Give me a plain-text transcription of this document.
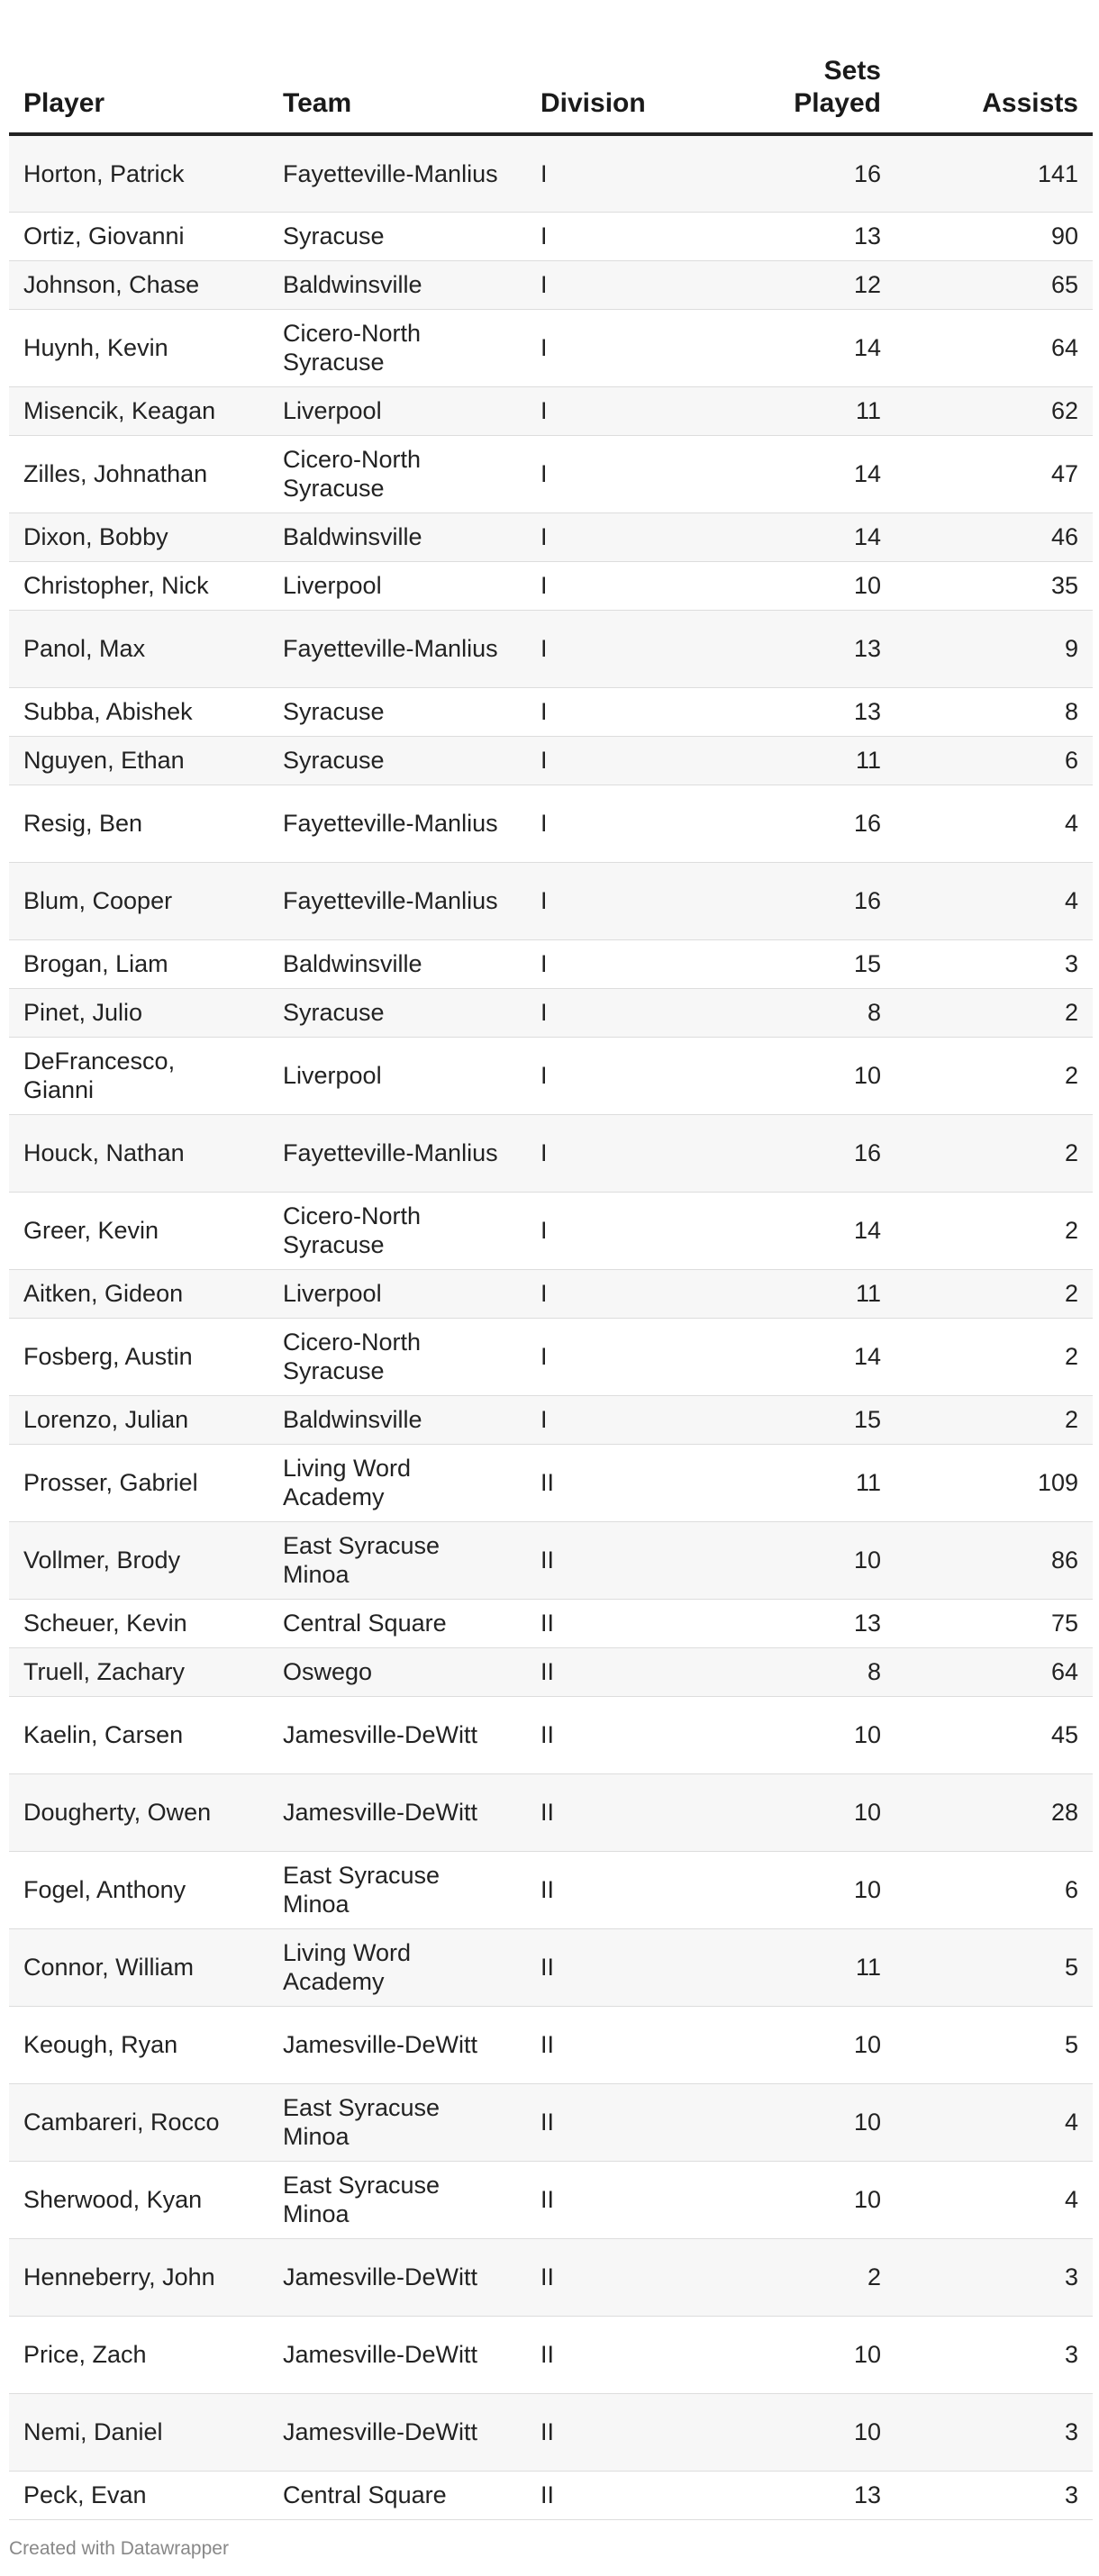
Player	Team	Division	Sets Played	Assists
Horton, Patrick	Fayetteville-Manlius	I	16	141
Ortiz, Giovanni	Syracuse	I	13	90
Johnson, Chase	Baldwinsville	I	12	65
Huynh, Kevin	Cicero-North Syracuse	I	14	64
Misencik, Keagan	Liverpool	I	11	62
Zilles, Johnathan	Cicero-North Syracuse	I	14	47
Dixon, Bobby	Baldwinsville	I	14	46
Christopher, Nick	Liverpool	I	10	35
Panol, Max	Fayetteville-Manlius	I	13	9
Subba, Abishek	Syracuse	I	13	8
Nguyen, Ethan	Syracuse	I	11	6
Resig, Ben	Fayetteville-Manlius	I	16	4
Blum, Cooper	Fayetteville-Manlius	I	16	4
Brogan, Liam	Baldwinsville	I	15	3
Pinet, Julio	Syracuse	I	8	2
DeFrancesco, Gianni	Liverpool	I	10	2
Houck, Nathan	Fayetteville-Manlius	I	16	2
Greer, Kevin	Cicero-North Syracuse	I	14	2
Aitken, Gideon	Liverpool	I	11	2
Fosberg, Austin	Cicero-North Syracuse	I	14	2
Lorenzo, Julian	Baldwinsville	I	15	2
Prosser, Gabriel	Living Word Academy	II	11	109
Vollmer, Brody	East Syracuse Minoa	II	10	86
Scheuer, Kevin	Central Square	II	13	75
Truell, Zachary	Oswego	II	8	64
Kaelin, Carsen	Jamesville-DeWitt	II	10	45
Dougherty, Owen	Jamesville-DeWitt	II	10	28
Fogel, Anthony	East Syracuse Minoa	II	10	6
Connor, William	Living Word Academy	II	11	5
Keough, Ryan	Jamesville-DeWitt	II	10	5
Cambareri, Rocco	East Syracuse Minoa	II	10	4
Sherwood, Kyan	East Syracuse Minoa	II	10	4
Henneberry, John	Jamesville-DeWitt	II	2	3
Price, Zach	Jamesville-DeWitt	II	10	3
Nemi, Daniel	Jamesville-DeWitt	II	10	3
Peck, Evan	Central Square	II	13	3
Created with Datawrapper
